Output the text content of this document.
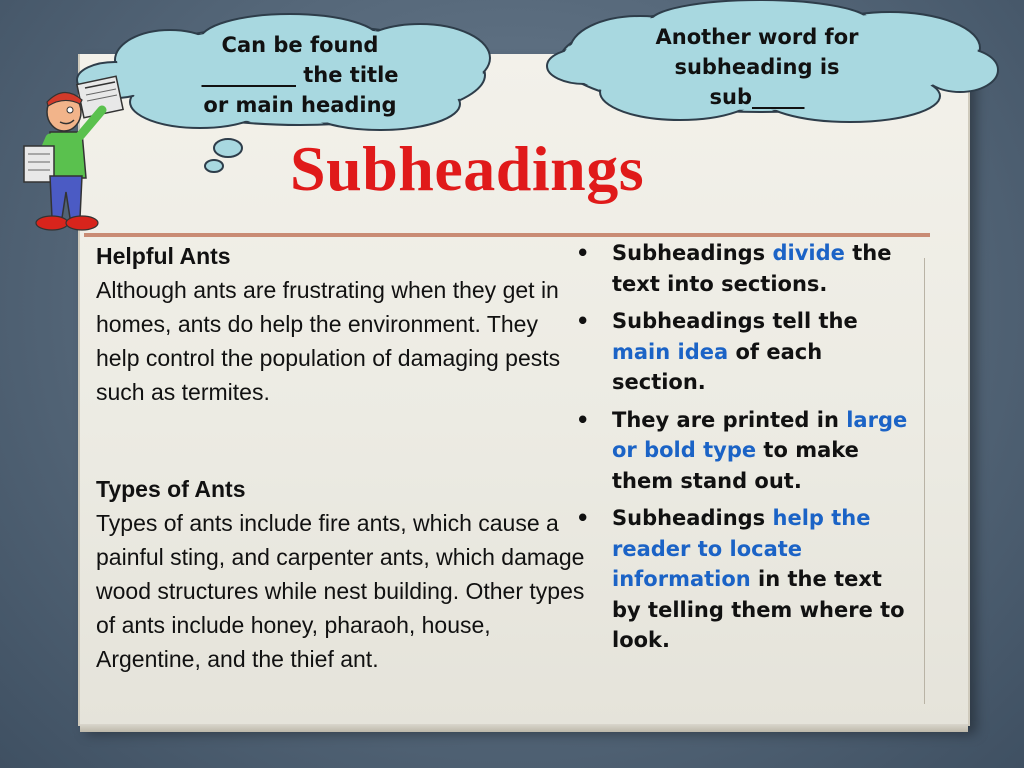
Can be found
_________ the title
or main heading
Another word for
subheading is
sub_____
Subheadings
Helpful Ants
Although ants are frustrating when they get in homes, ants do help the environment. They help control the population of damaging pests such as termites.
Types of Ants
Types of ants include fire ants, which cause a painful sting, and carpenter ants, which damage wood structures while nest building. Other types of ants include honey, pharaoh, house, Argentine, and the thief ant.
• Subheadings divide the text into sections.
• Subheadings tell the main idea of each section.
• They are printed in large or bold type to make them stand out.
• Subheadings help the reader to locate information in the text by telling them where to look.
